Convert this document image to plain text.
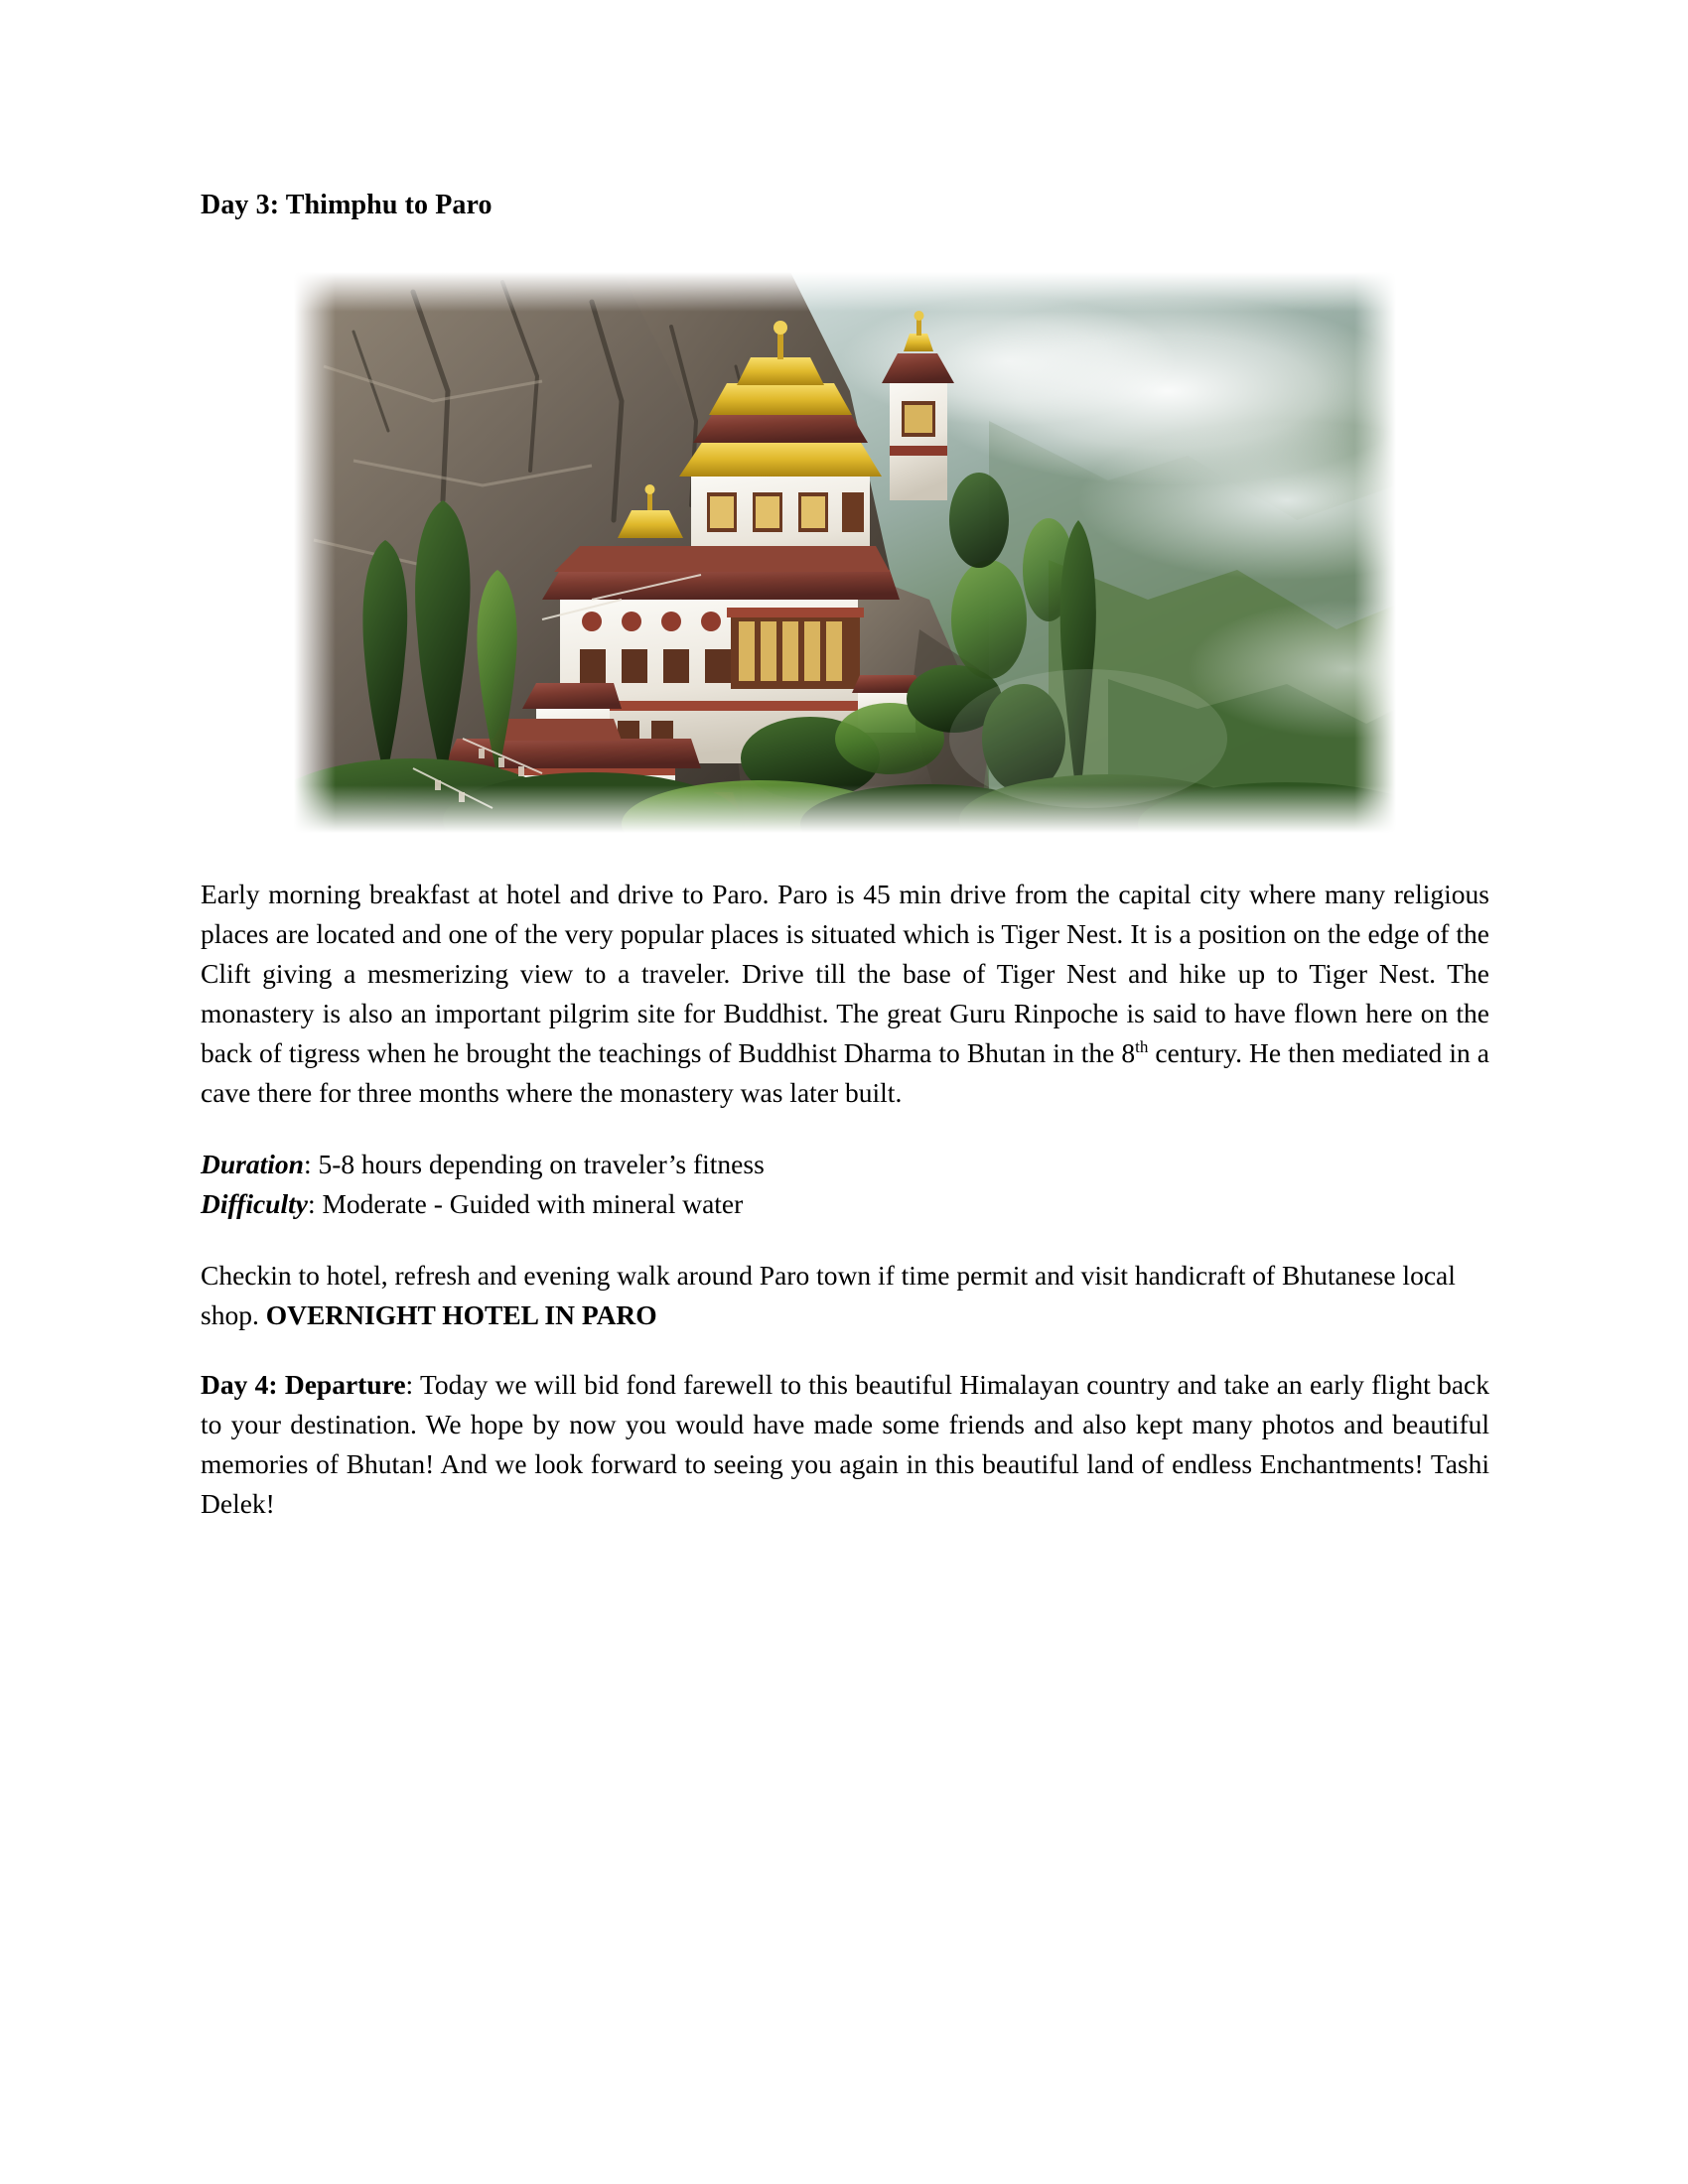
Day 3: Thimphu to Paro

Early morning breakfast at hotel and drive to Paro. Paro is 45 min drive from the capital city where many religious places are located and one of the very popular places is situated which is Tiger Nest. It is a position on the edge of the Clift giving a mesmerizing view to a traveler. Drive till the base of Tiger Nest and hike up to Tiger Nest. The monastery is also an important pilgrim site for Buddhist. The great Guru Rinpoche is said to have flown here on the back of tigress when he brought the teachings of Buddhist Dharma to Bhutan in the 8th century. He then mediated in a cave there for three months where the monastery was later built.

Duration: 5-8 hours depending on traveler’s fitness
Difficulty: Moderate - Guided with mineral water

Checkin to hotel, refresh and evening walk around Paro town if time permit and visit handicraft of Bhutanese local shop. OVERNIGHT HOTEL IN PARO

Day 4: Departure: Today we will bid fond farewell to this beautiful Himalayan country and take an early flight back to your destination. We hope by now you would have made some friends and also kept many photos and beautiful memories of Bhutan! And we look forward to seeing you again in this beautiful land of endless Enchantments! Tashi Delek!
